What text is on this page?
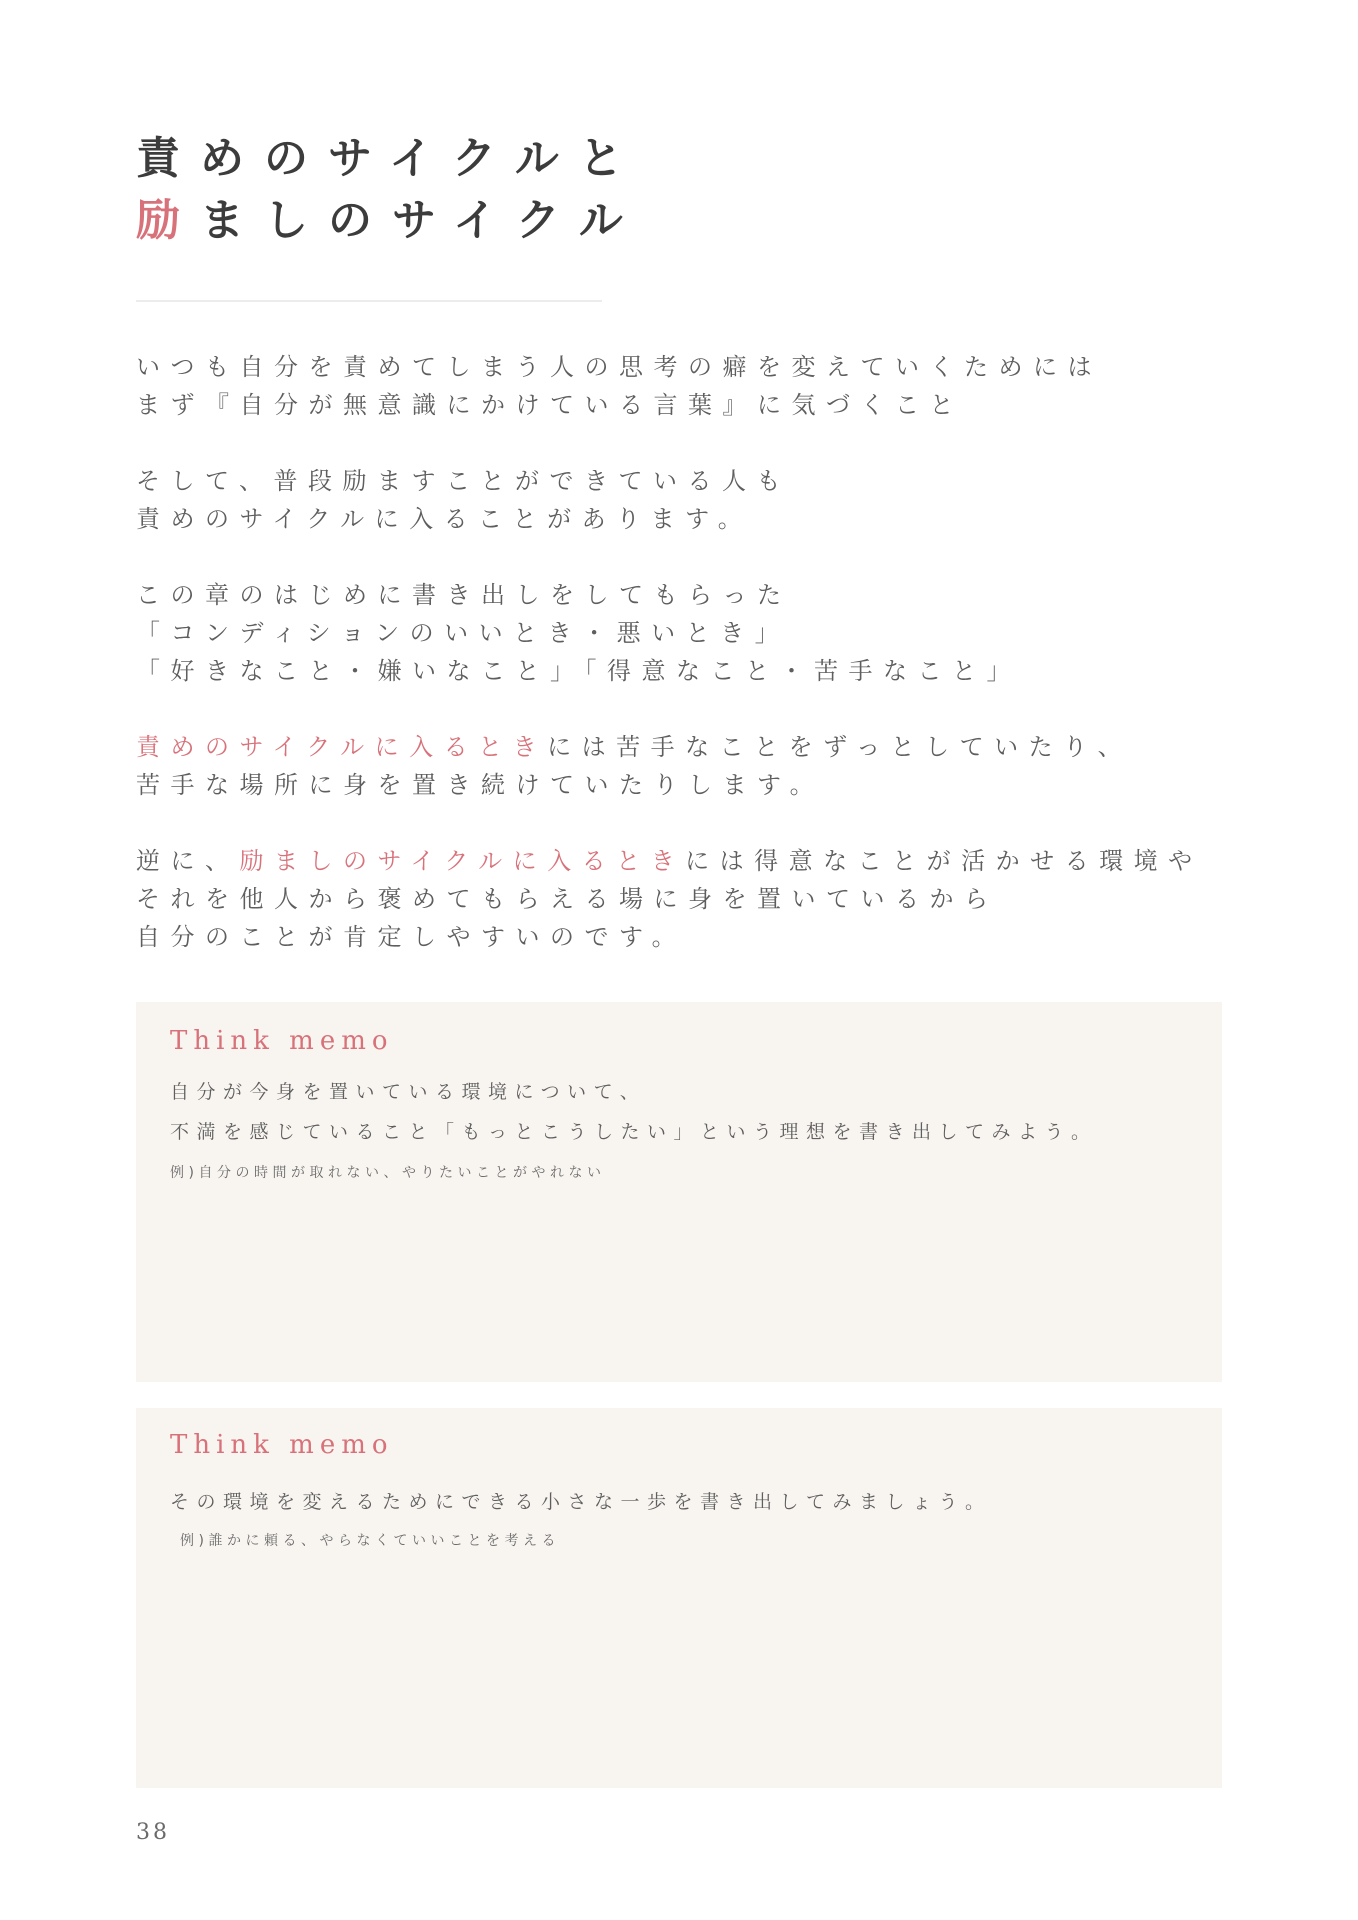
責めのサイクルと
励ましのサイクル

いつも自分を責めてしまう人の思考の癖を変えていくためには
まず『自分が無意識にかけている言葉』に気づくこと

そして、普段励ますことができている人も
責めのサイクルに入ることがあります。

この章のはじめに書き出しをしてもらった
「コンディションのいいとき・悪いとき」
「好きなこと・嫌いなこと」「得意なこと・苦手なこと」

責めのサイクルに入るときには苦手なことをずっとしていたり、
苦手な場所に身を置き続けていたりします。

逆に、励ましのサイクルに入るときには得意なことが活かせる環境や
それを他人から褒めてもらえる場に身を置いているから
自分のことが肯定しやすいのです。

Think memo
自分が今身を置いている環境について、
不満を感じていること「もっとこうしたい」という理想を書き出してみよう。
例)自分の時間が取れない、やりたいことがやれない
Think memo
その環境を変えるためにできる小さな一歩を書き出してみましょう。
例)誰かに頼る、やらなくていいことを考える
38
